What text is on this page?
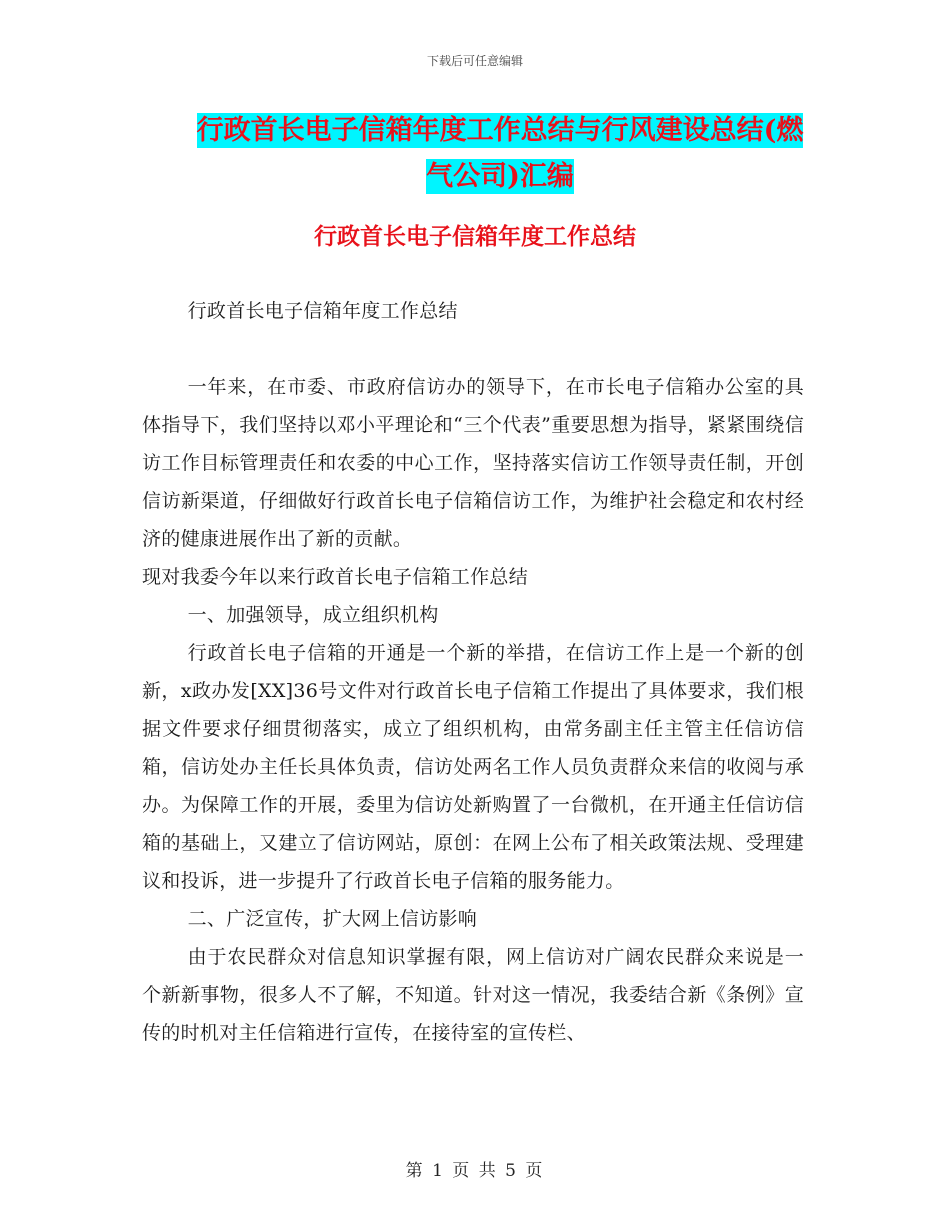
下载后可任意编辑
行政首长电子信箱年度工作总结与行风建设总结(燃气公司)汇编
行政首长电子信箱年度工作总结

行政首长电子信箱年度工作总结

一年来，在市委、市政府信访办的领导下，在市长电子信箱办公室的具体指导下，我们坚持以邓小平理论和“三个代表”重要思想为指导，紧紧围绕信访工作目标管理责任和农委的中心工作，坚持落实信访工作领导责任制，开创信访新渠道，仔细做好行政首长电子信箱信访工作，为维护社会稳定和农村经济的健康进展作出了新的贡献。

现对我委今年以来行政首长电子信箱工作总结

一、加强领导，成立组织机构

行政首长电子信箱的开通是一个新的举措，在信访工作上是一个新的创新，x政办发[XX]36号文件对行政首长电子信箱工作提出了具体要求，我们根据文件要求仔细贯彻落实，成立了组织机构，由常务副主任主管主任信访信箱，信访处办主任长具体负责，信访处两名工作人员负责群众来信的收阅与承办。为保障工作的开展，委里为信访处新购置了一台微机，在开通主任信访信箱的基础上，又建立了信访网站，原创：在网上公布了相关政策法规、受理建议和投诉，进一步提升了行政首长电子信箱的服务能力。

二、广泛宣传，扩大网上信访影响

由于农民群众对信息知识掌握有限，网上信访对广阔农民群众来说是一个新新事物，很多人不了解，不知道。针对这一情况，我委结合新《条例》宣传的时机对主任信箱进行宣传，在接待室的宣传栏、

第 1 页 共 5 页
